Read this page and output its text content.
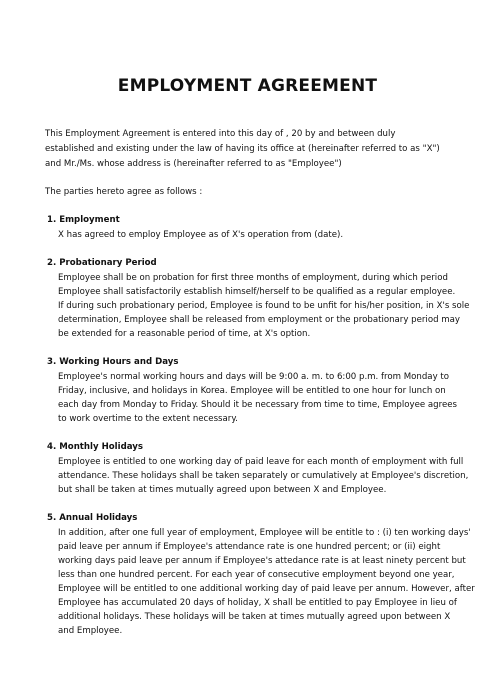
EMPLOYMENT AGREEMENT
This Employment Agreement is entered into this day of , 20 by and between duly
established and existing under the law of having its office at (hereinafter referred to as "X")
and Mr./Ms. whose address is (hereinafter referred to as "Employee")
The parties hereto agree as follows :
1. Employment
X has agreed to employ Employee as of X's operation from (date).
2. Probationary Period
Employee shall be on probation for first three months of employment, during which period
Employee shall satisfactorily establish himself/herself to be qualified as a regular employee.
If during such probationary period, Employee is found to be unfit for his/her position, in X's sole
determination, Employee shall be released from employment or the probationary period may
be extended for a reasonable period of time, at X's option.
3. Working Hours and Days
Employee's normal working hours and days will be 9:00 a. m. to 6:00 p.m. from Monday to
Friday, inclusive, and holidays in Korea. Employee will be entitled to one hour for lunch on
each day from Monday to Friday. Should it be necessary from time to time, Employee agrees
to work overtime to the extent necessary.
4. Monthly Holidays
Employee is entitled to one working day of paid leave for each month of employment with full
attendance. These holidays shall be taken separately or cumulatively at Employee's discretion,
but shall be taken at times mutually agreed upon between X and Employee.
5. Annual Holidays
In addition, after one full year of employment, Employee will be entitle to : (i) ten working days'
paid leave per annum if Employee's attendance rate is one hundred percent; or (ii) eight
working days paid leave per annum if Employee's attedance rate is at least ninety percent but
less than one hundred percent. For each year of consecutive employment beyond one year,
Employee will be entitled to one additional working day of paid leave per annum. However, after
Employee has accumulated 20 days of holiday, X shall be entitled to pay Employee in lieu of
additional holidays. These holidays will be taken at times mutually agreed upon between X
and Employee.
